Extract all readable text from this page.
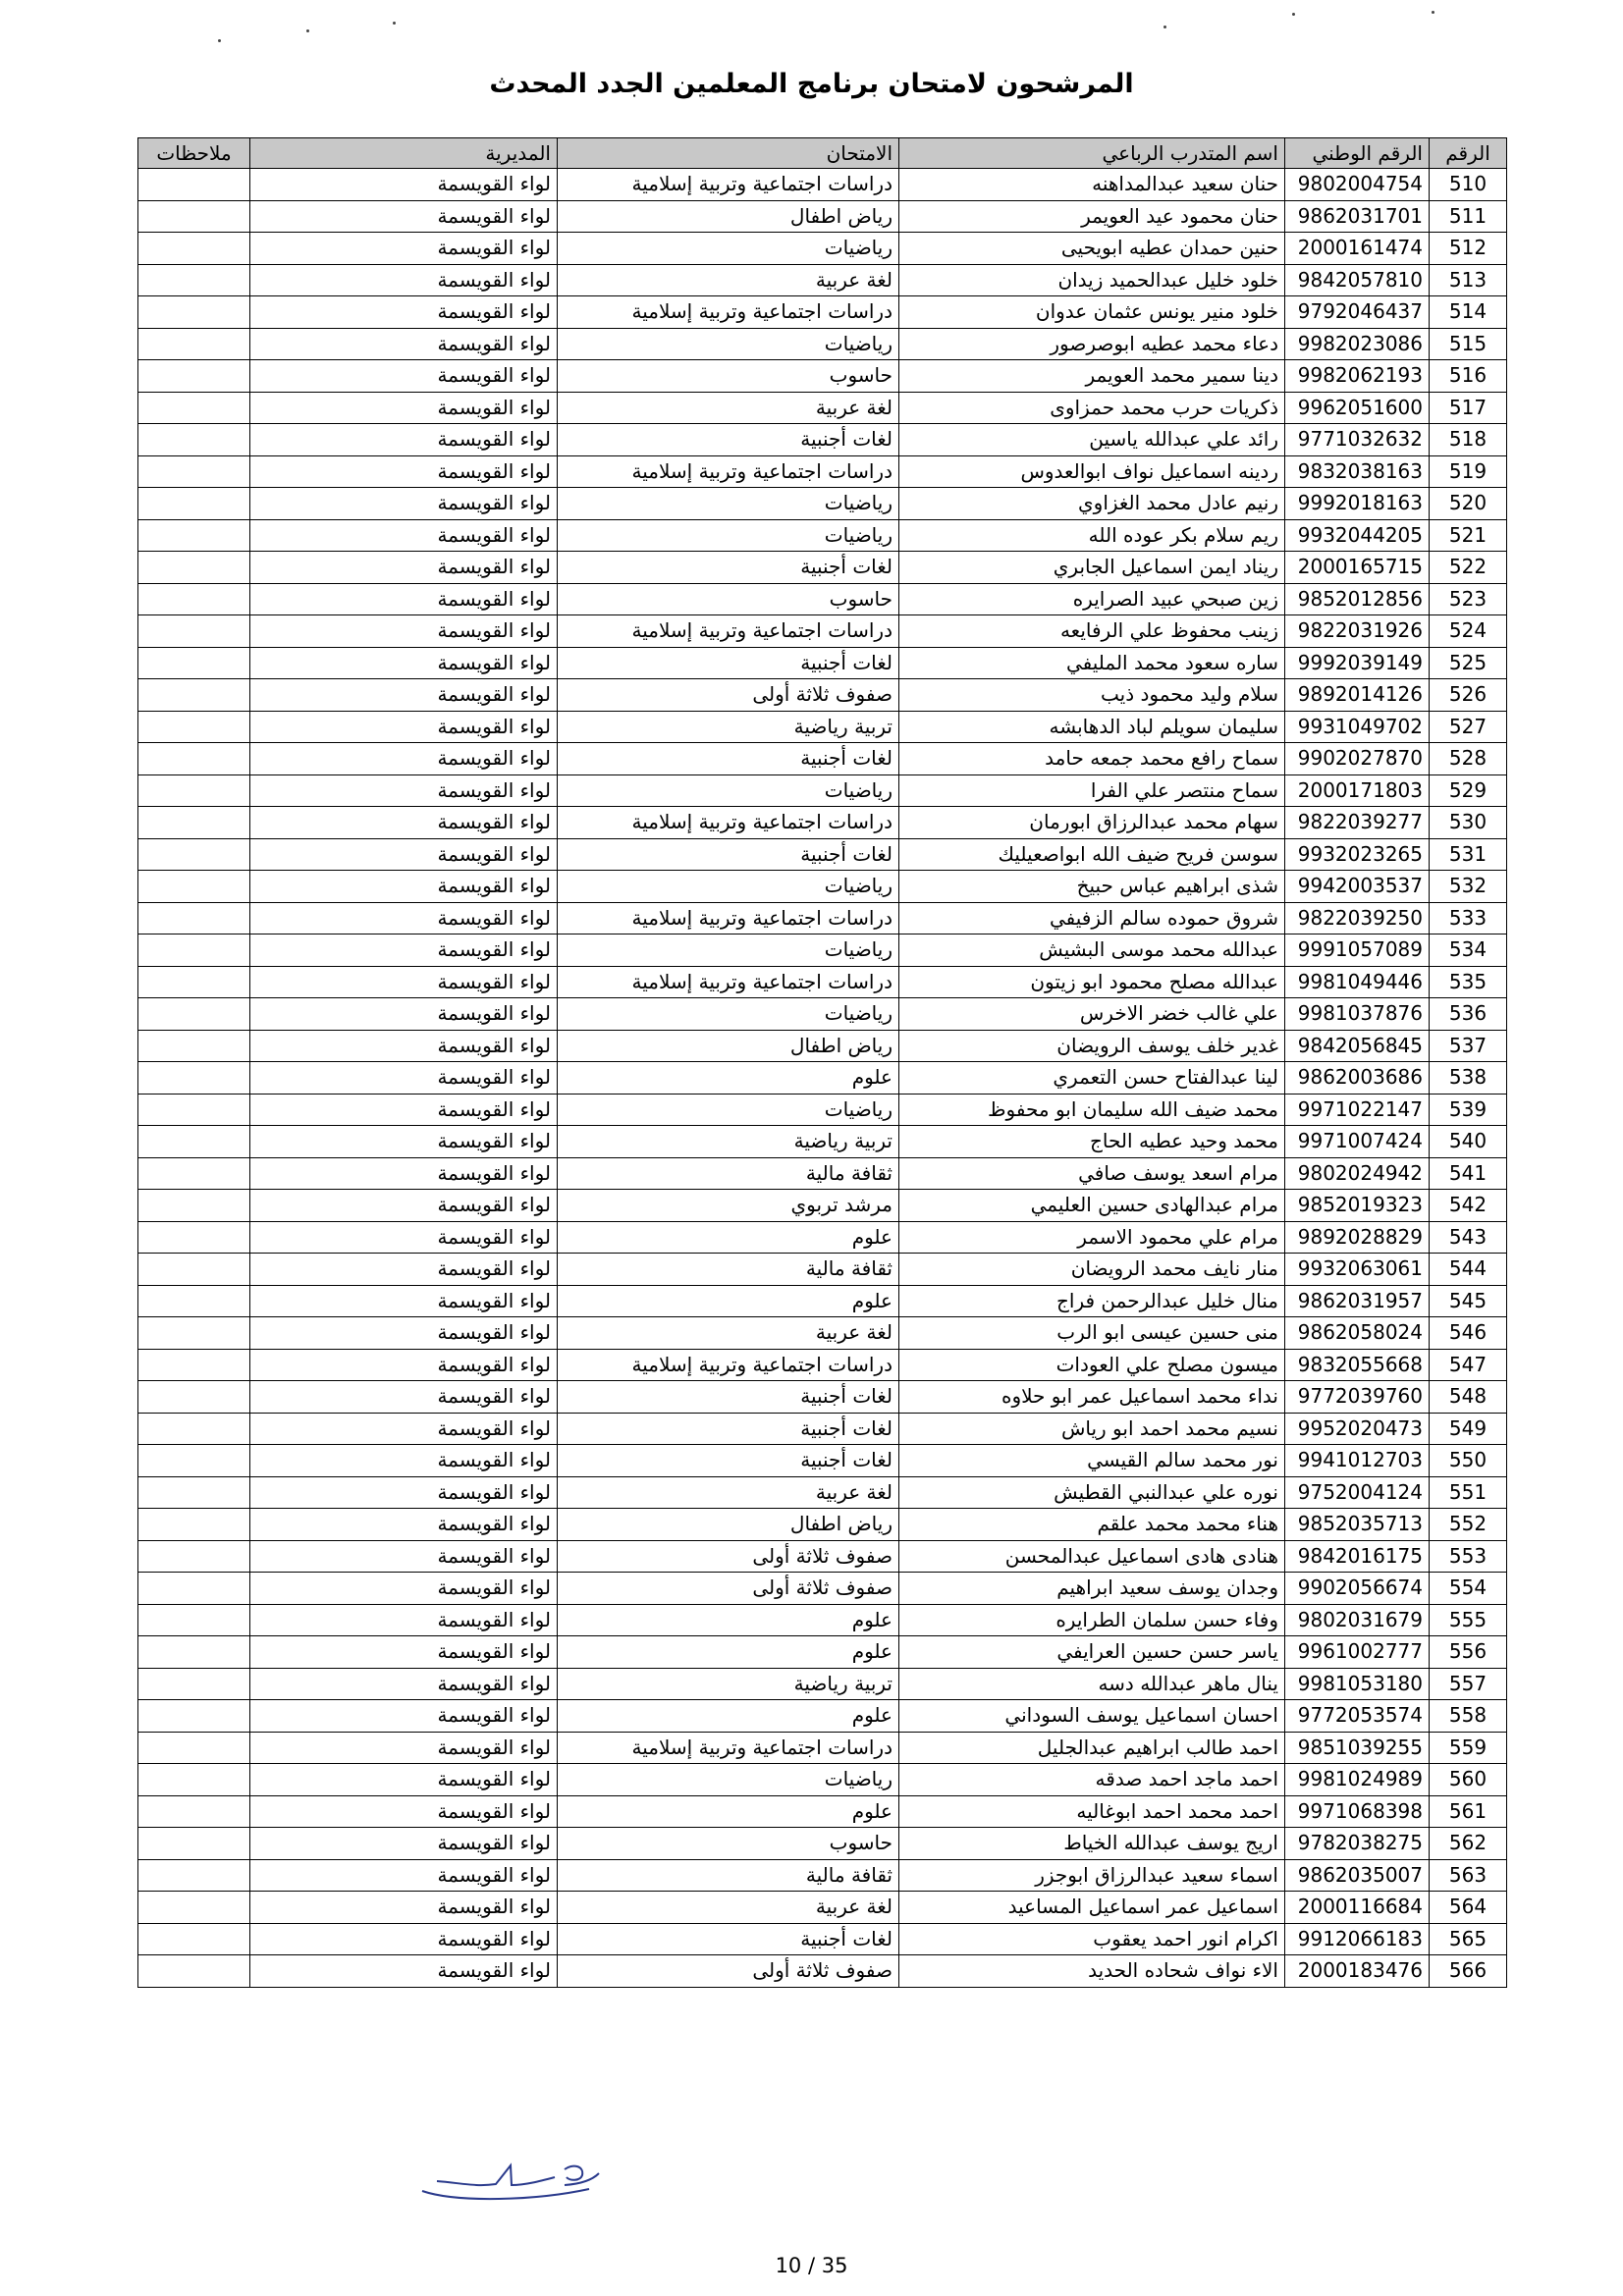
المرشحون لامتحان برنامج المعلمين الجدد المحدث
الرقم	الرقم الوطني	اسم المتدرب الرباعي	الامتحان	المديرية	ملاحظات
510	9802004754	حنان سعيد عبدالمداهنه	دراسات اجتماعية وتربية إسلامية	لواء القويسمة	
511	9862031701	حنان محمود عيد العويمر	رياض اطفال	لواء القويسمة	
512	2000161474	حنين حمدان عطيه ابويحيى	رياضيات	لواء القويسمة	
513	9842057810	خلود خليل عبدالحميد زيدان	لغة عربية	لواء القويسمة	
514	9792046437	خلود منير يونس عثمان عدوان	دراسات اجتماعية وتربية إسلامية	لواء القويسمة	
515	9982023086	دعاء محمد عطيه ابوصرصور	رياضيات	لواء القويسمة	
516	9982062193	دينا سمير محمد العويمر	حاسوب	لواء القويسمة	
517	9962051600	ذكريات حرب محمد حمزاوى	لغة عربية	لواء القويسمة	
518	9771032632	رائد علي عبدالله ياسين	لغات أجنبية	لواء القويسمة	
519	9832038163	ردينه اسماعيل نواف ابوالعدوس	دراسات اجتماعية وتربية إسلامية	لواء القويسمة	
520	9992018163	رنيم عادل محمد الغزاوي	رياضيات	لواء القويسمة	
521	9932044205	ريم سلام بكر عوده الله	رياضيات	لواء القويسمة	
522	2000165715	ريناد ايمن اسماعيل الجابري	لغات أجنبية	لواء القويسمة	
523	9852012856	زين صبحي عبيد الصرايره	حاسوب	لواء القويسمة	
524	9822031926	زينب محفوظ علي الرفايعه	دراسات اجتماعية وتربية إسلامية	لواء القويسمة	
525	9992039149	ساره سعود محمد المليفي	لغات أجنبية	لواء القويسمة	
526	9892014126	سلام وليد محمود ذيب	صفوف ثلاثة أولى	لواء القويسمة	
527	9931049702	سليمان سويلم لباد الدهابشه	تربية رياضية	لواء القويسمة	
528	9902027870	سماح رافع محمد جمعه حامد	لغات أجنبية	لواء القويسمة	
529	2000171803	سماح منتصر علي الفرا	رياضيات	لواء القويسمة	
530	9822039277	سهام محمد عبدالرزاق ابورمان	دراسات اجتماعية وتربية إسلامية	لواء القويسمة	
531	9932023265	سوسن فريح ضيف الله ابواصعيليك	لغات أجنبية	لواء القويسمة	
532	9942003537	شذى ابراهيم عباس حبيخ	رياضيات	لواء القويسمة	
533	9822039250	شروق حموده سالم الزفيفي	دراسات اجتماعية وتربية إسلامية	لواء القويسمة	
534	9991057089	عبدالله محمد موسى البشيش	رياضيات	لواء القويسمة	
535	9981049446	عبدالله مصلح محمود ابو زيتون	دراسات اجتماعية وتربية إسلامية	لواء القويسمة	
536	9981037876	علي غالب خضر الاخرس	رياضيات	لواء القويسمة	
537	9842056845	غدير خلف يوسف الرويضان	رياض اطفال	لواء القويسمة	
538	9862003686	لينا عبدالفتاح حسن التعمري	علوم	لواء القويسمة	
539	9971022147	محمد ضيف الله سليمان ابو محفوظ	رياضيات	لواء القويسمة	
540	9971007424	محمد وحيد عطيه الحاج	تربية رياضية	لواء القويسمة	
541	9802024942	مرام اسعد يوسف صافي	ثقافة مالية	لواء القويسمة	
542	9852019323	مرام عبدالهادى حسين العليمي	مرشد تربوي	لواء القويسمة	
543	9892028829	مرام علي محمود الاسمر	علوم	لواء القويسمة	
544	9932063061	منار نايف محمد الرويضان	ثقافة مالية	لواء القويسمة	
545	9862031957	منال خليل عبدالرحمن فراج	علوم	لواء القويسمة	
546	9862058024	منى حسين عيسى ابو الرب	لغة عربية	لواء القويسمة	
547	9832055668	ميسون مصلح علي العودات	دراسات اجتماعية وتربية إسلامية	لواء القويسمة	
548	9772039760	نداء محمد اسماعيل عمر ابو حلاوه	لغات أجنبية	لواء القويسمة	
549	9952020473	نسيم محمد احمد ابو رياش	لغات أجنبية	لواء القويسمة	
550	9941012703	نور محمد سالم القيسي	لغات أجنبية	لواء القويسمة	
551	9752004124	نوره علي عبدالنبي القطيش	لغة عربية	لواء القويسمة	
552	9852035713	هناء محمد محمد علقم	رياض اطفال	لواء القويسمة	
553	9842016175	هنادى هادى اسماعيل عبدالمحسن	صفوف ثلاثة أولى	لواء القويسمة	
554	9902056674	وجدان يوسف سعيد ابراهيم	صفوف ثلاثة أولى	لواء القويسمة	
555	9802031679	وفاء حسن سلمان الطرايره	علوم	لواء القويسمة	
556	9961002777	ياسر حسن حسين العرايفي	علوم	لواء القويسمة	
557	9981053180	ينال ماهر عبدالله دسه	تربية رياضية	لواء القويسمة	
558	9772053574	احسان اسماعيل يوسف السوداني	علوم	لواء القويسمة	
559	9851039255	احمد طالب ابراهيم عبدالجليل	دراسات اجتماعية وتربية إسلامية	لواء القويسمة	
560	9981024989	احمد ماجد احمد صدقه	رياضيات	لواء القويسمة	
561	9971068398	احمد محمد احمد ابوغاليه	علوم	لواء القويسمة	
562	9782038275	اريج يوسف عبدالله الخياط	حاسوب	لواء القويسمة	
563	9862035007	اسماء سعيد عبدالرزاق ابوجزر	ثقافة مالية	لواء القويسمة	
564	2000116684	اسماعيل عمر اسماعيل المساعيد	لغة عربية	لواء القويسمة	
565	9912066183	اكرام انور احمد يعقوب	لغات أجنبية	لواء القويسمة	
566	2000183476	الاء نواف شحاده الحديد	صفوف ثلاثة أولى	لواء القويسمة	
10 / 35
